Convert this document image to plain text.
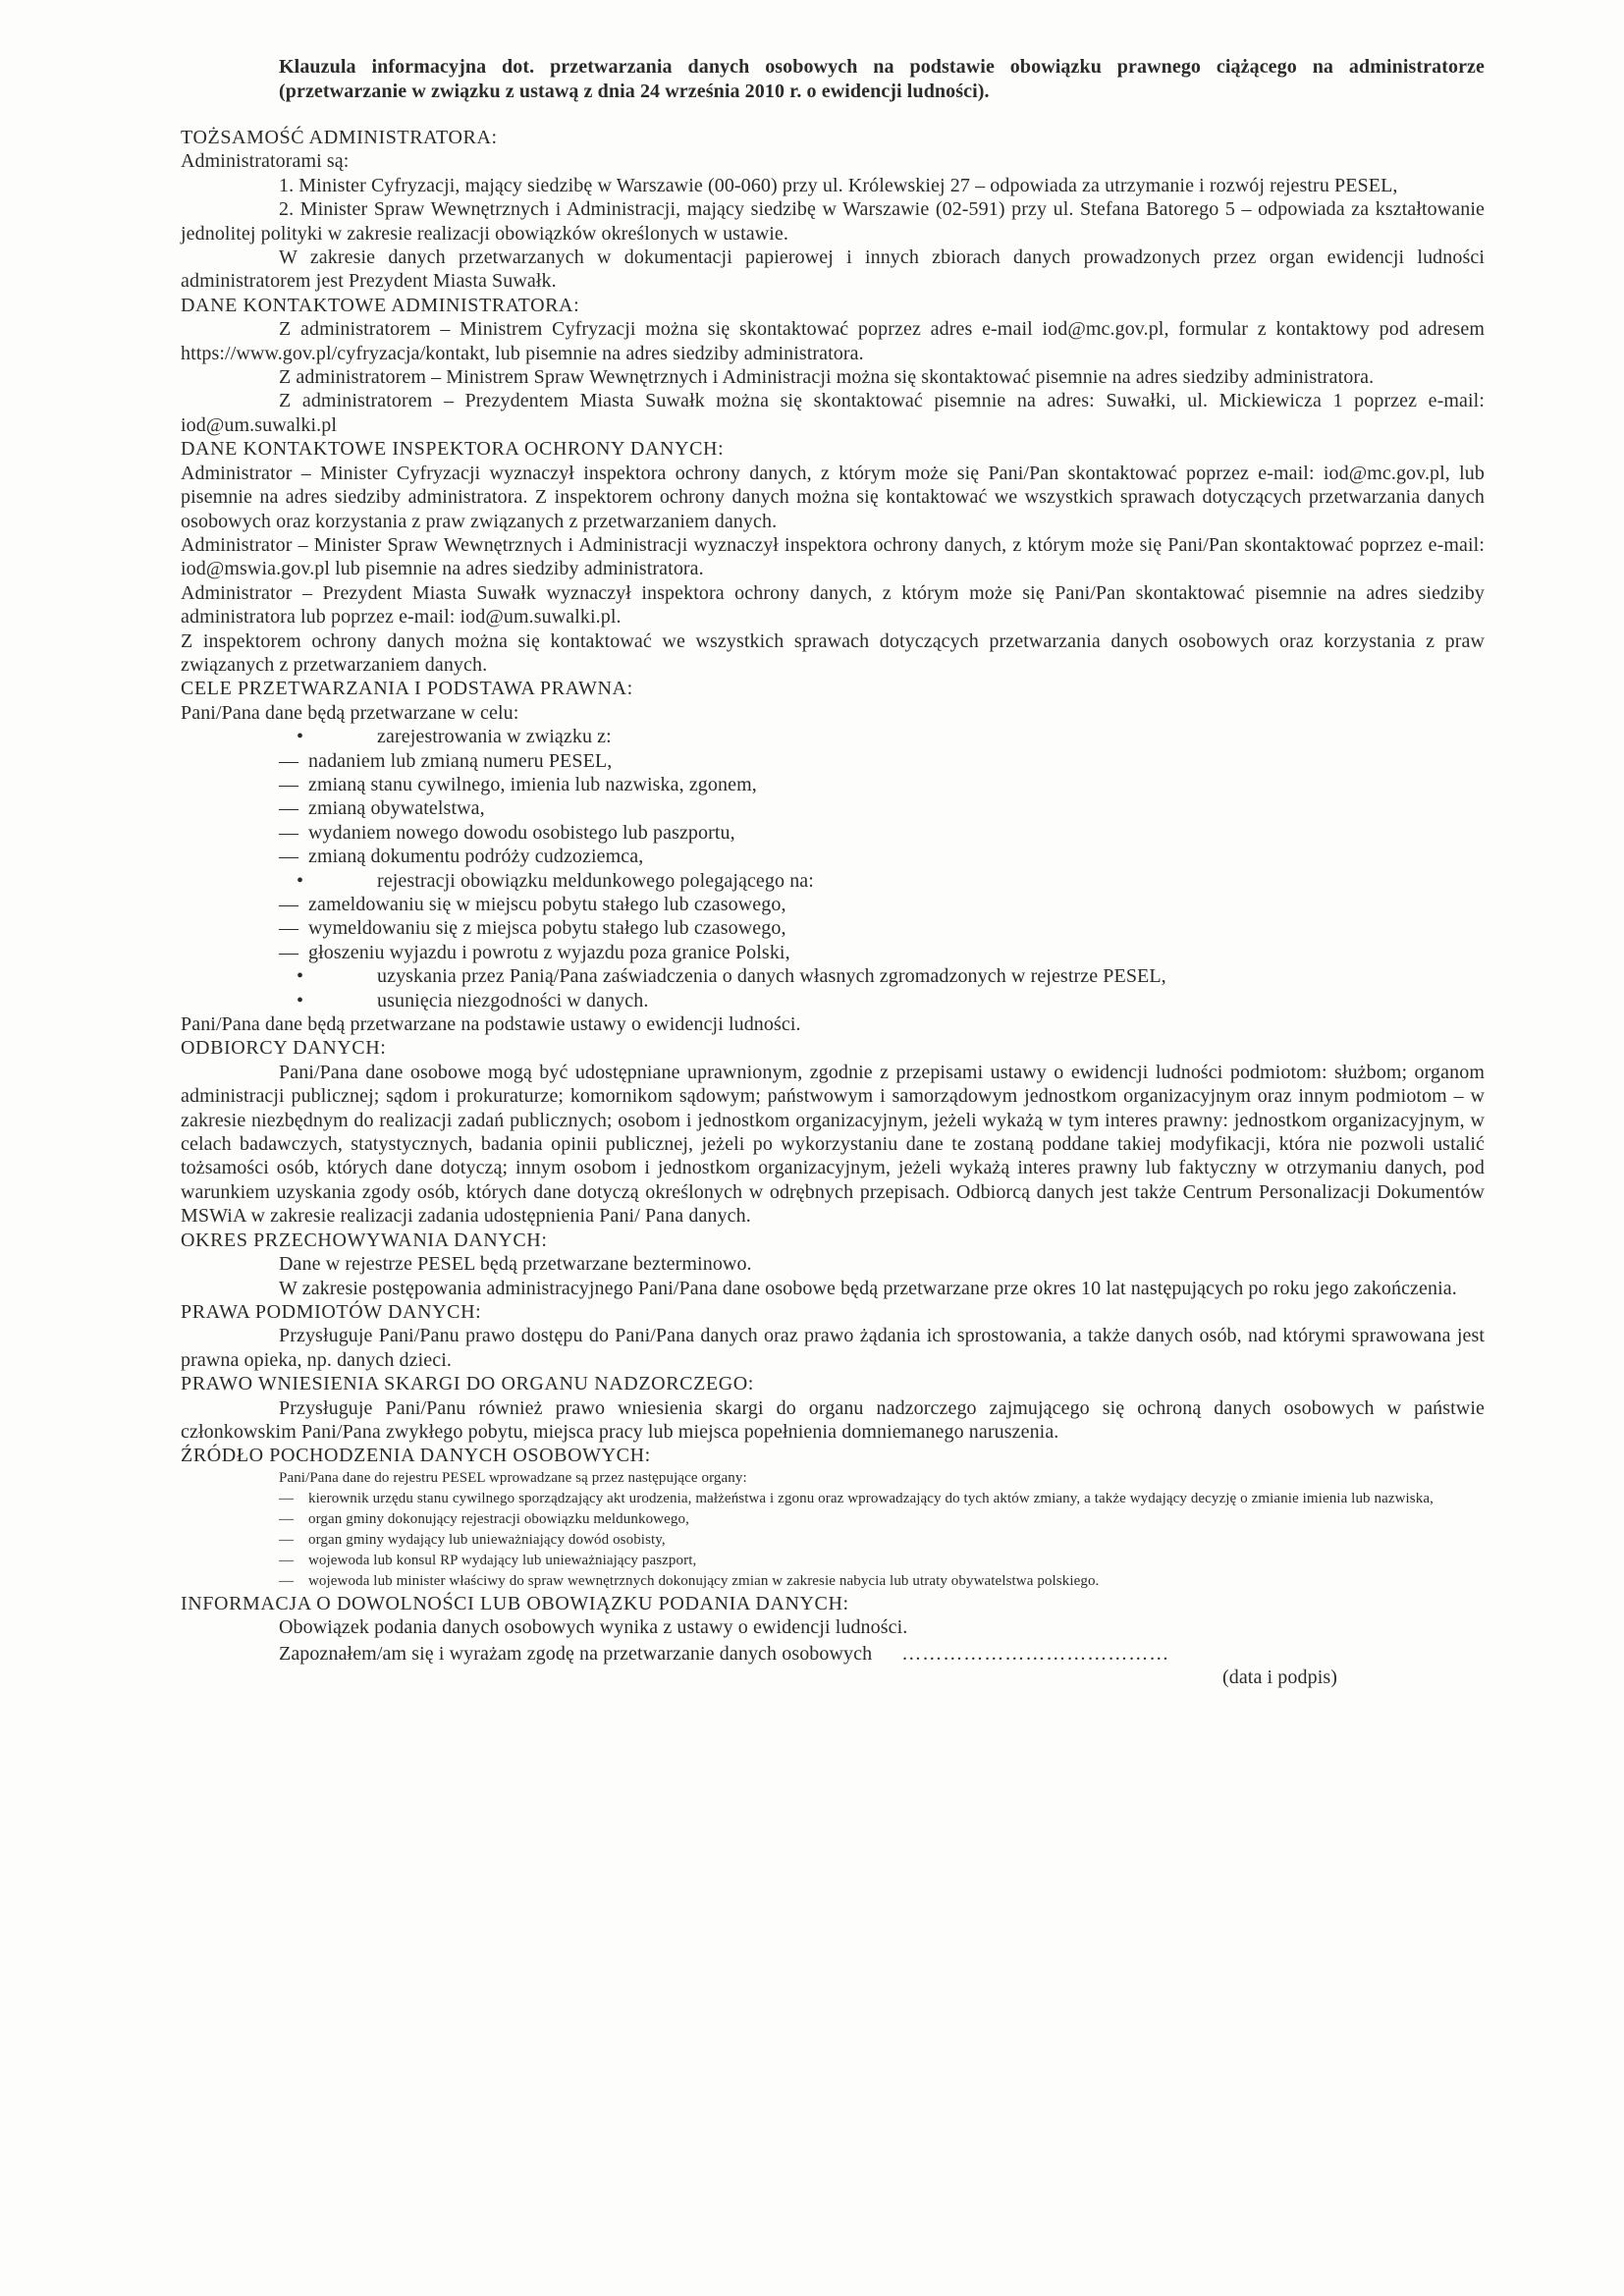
Klauzula informacyjna dot. przetwarzania danych osobowych na podstawie obowiązku prawnego ciążącego na administratorze (przetwarzanie w związku z ustawą z dnia 24 września 2010 r. o ewidencji ludności).

TOŻSAMOŚĆ ADMINISTRATORA:

Administratorami są:

1. Minister Cyfryzacji, mający siedzibę w Warszawie (00-060) przy ul. Królewskiej 27 – odpowiada za utrzymanie i rozwój rejestru PESEL,

2. Minister Spraw Wewnętrznych i Administracji, mający siedzibę w Warszawie (02-591) przy ul. Stefana Batorego 5 – odpowiada za kształtowanie jednolitej polityki w zakresie realizacji obowiązków określonych w ustawie.

W zakresie danych przetwarzanych w dokumentacji papierowej i innych zbiorach danych prowadzonych przez organ ewidencji ludności administratorem jest Prezydent Miasta Suwałk.

DANE KONTAKTOWE ADMINISTRATORA:

Z administratorem – Ministrem Cyfryzacji można się skontaktować poprzez adres e-mail iod@mc.gov.pl, formular z kontaktowy pod adresem https://www.gov.pl/cyfryzacja/kontakt, lub pisemnie na adres siedziby administratora.

Z administratorem – Ministrem Spraw Wewnętrznych i Administracji można się skontaktować pisemnie na adres siedziby administratora.

Z administratorem – Prezydentem Miasta Suwałk można się skontaktować pisemnie na adres: Suwałki, ul. Mickiewicza 1 poprzez e-mail: iod@um.suwalki.pl

DANE KONTAKTOWE INSPEKTORA OCHRONY DANYCH:

Administrator – Minister Cyfryzacji wyznaczył inspektora ochrony danych, z którym może się Pani/Pan skontaktować poprzez e-mail: iod@mc.gov.pl, lub pisemnie na adres siedziby administratora. Z inspektorem ochrony danych można się kontaktować we wszystkich sprawach dotyczących przetwarzania danych osobowych oraz korzystania z praw związanych z przetwarzaniem danych.

Administrator – Minister Spraw Wewnętrznych i Administracji wyznaczył inspektora ochrony danych, z którym może się Pani/Pan skontaktować poprzez e-mail: iod@mswia.gov.pl lub pisemnie na adres siedziby administratora.

Administrator – Prezydent Miasta Suwałk wyznaczył inspektora ochrony danych, z którym może się Pani/Pan skontaktować pisemnie na adres siedziby administratora lub poprzez e-mail: iod@um.suwalki.pl.

Z inspektorem ochrony danych można się kontaktować we wszystkich sprawach dotyczących przetwarzania danych osobowych oraz korzystania z praw związanych z przetwarzaniem danych.

CELE PRZETWARZANIA I PODSTAWA PRAWNA:

Pani/Pana dane będą przetwarzane w celu:

•	zarejestrowania w związku z:
— nadaniem lub zmianą numeru PESEL,
— zmianą stanu cywilnego, imienia lub nazwiska, zgonem,
— zmianą obywatelstwa,
— wydaniem nowego dowodu osobistego lub paszportu,
— zmianą dokumentu podróży cudzoziemca,
•	rejestracji obowiązku meldunkowego polegającego na:
— zameldowaniu się w miejscu pobytu stałego lub czasowego,
— wymeldowaniu się z miejsca pobytu stałego lub czasowego,
— głoszeniu wyjazdu i powrotu z wyjazdu poza granice Polski,
•	uzyskania przez Panią/Pana zaświadczenia o danych własnych zgromadzonych w rejestrze PESEL,
•	usunięcia niezgodności w danych.

Pani/Pana dane będą przetwarzane na podstawie ustawy o ewidencji ludności.

ODBIORCY DANYCH:

Pani/Pana dane osobowe mogą być udostępniane uprawnionym, zgodnie z przepisami ustawy o ewidencji ludności podmiotom: służbom; organom administracji publicznej; sądom i prokuraturze; komornikom sądowym; państwowym i samorządowym jednostkom organizacyjnym oraz innym podmiotom – w zakresie niezbędnym do realizacji zadań publicznych; osobom i jednostkom organizacyjnym, jeżeli wykażą w tym interes prawny: jednostkom organizacyjnym, w celach badawczych, statystycznych, badania opinii publicznej, jeżeli po wykorzystaniu dane te zostaną poddane takiej modyfikacji, która nie pozwoli ustalić tożsamości osób, których dane dotyczą; innym osobom i jednostkom organizacyjnym, jeżeli wykażą interes prawny lub faktyczny w otrzymaniu danych, pod warunkiem uzyskania zgody osób, których dane dotyczą określonych w odrębnych przepisach. Odbiorcą danych jest także Centrum Personalizacji Dokumentów MSWiA w zakresie realizacji zadania udostępnienia Pani/ Pana danych.

OKRES PRZECHOWYWANIA DANYCH:

Dane w rejestrze PESEL będą przetwarzane bezterminowo.

W zakresie postępowania administracyjnego Pani/Pana dane osobowe będą przetwarzane prze okres 10 lat następujących po roku jego zakończenia.

PRAWA PODMIOTÓW DANYCH:

Przysługuje Pani/Panu prawo dostępu do Pani/Pana danych oraz prawo żądania ich sprostowania, a także danych osób, nad którymi sprawowana jest prawna opieka, np. danych dzieci.

PRAWO WNIESIENIA SKARGI DO ORGANU NADZORCZEGO:

Przysługuje Pani/Panu również prawo wniesienia skargi do organu nadzorczego zajmującego się ochroną danych osobowych w państwie członkowskim Pani/Pana zwykłego pobytu, miejsca pracy lub miejsca popełnienia domniemanego naruszenia.

ŹRÓDŁO POCHODZENIA DANYCH OSOBOWYCH:

Pani/Pana dane do rejestru PESEL wprowadzane są przez następujące organy:

— kierownik urzędu stanu cywilnego sporządzający akt urodzenia, małżeństwa i zgonu oraz wprowadzający do tych aktów zmiany, a także wydający decyzję o zmianie imienia lub nazwiska,
— organ gminy dokonujący rejestracji obowiązku meldunkowego,
— organ gminy wydający lub unieważniający dowód osobisty,
— wojewoda lub konsul RP wydający lub unieważniający paszport,
— wojewoda lub minister właściwy do spraw wewnętrznych dokonujący zmian w zakresie nabycia lub utraty obywatelstwa polskiego.

INFORMACJA O DOWOLNOŚCI LUB OBOWIĄZKU PODANIA DANYCH:

Obowiązek podania danych osobowych wynika z ustawy o ewidencji ludności.

Zapoznałem/am się i wyrażam zgodę na przetwarzanie danych osobowych …………………………………
(data i podpis)
